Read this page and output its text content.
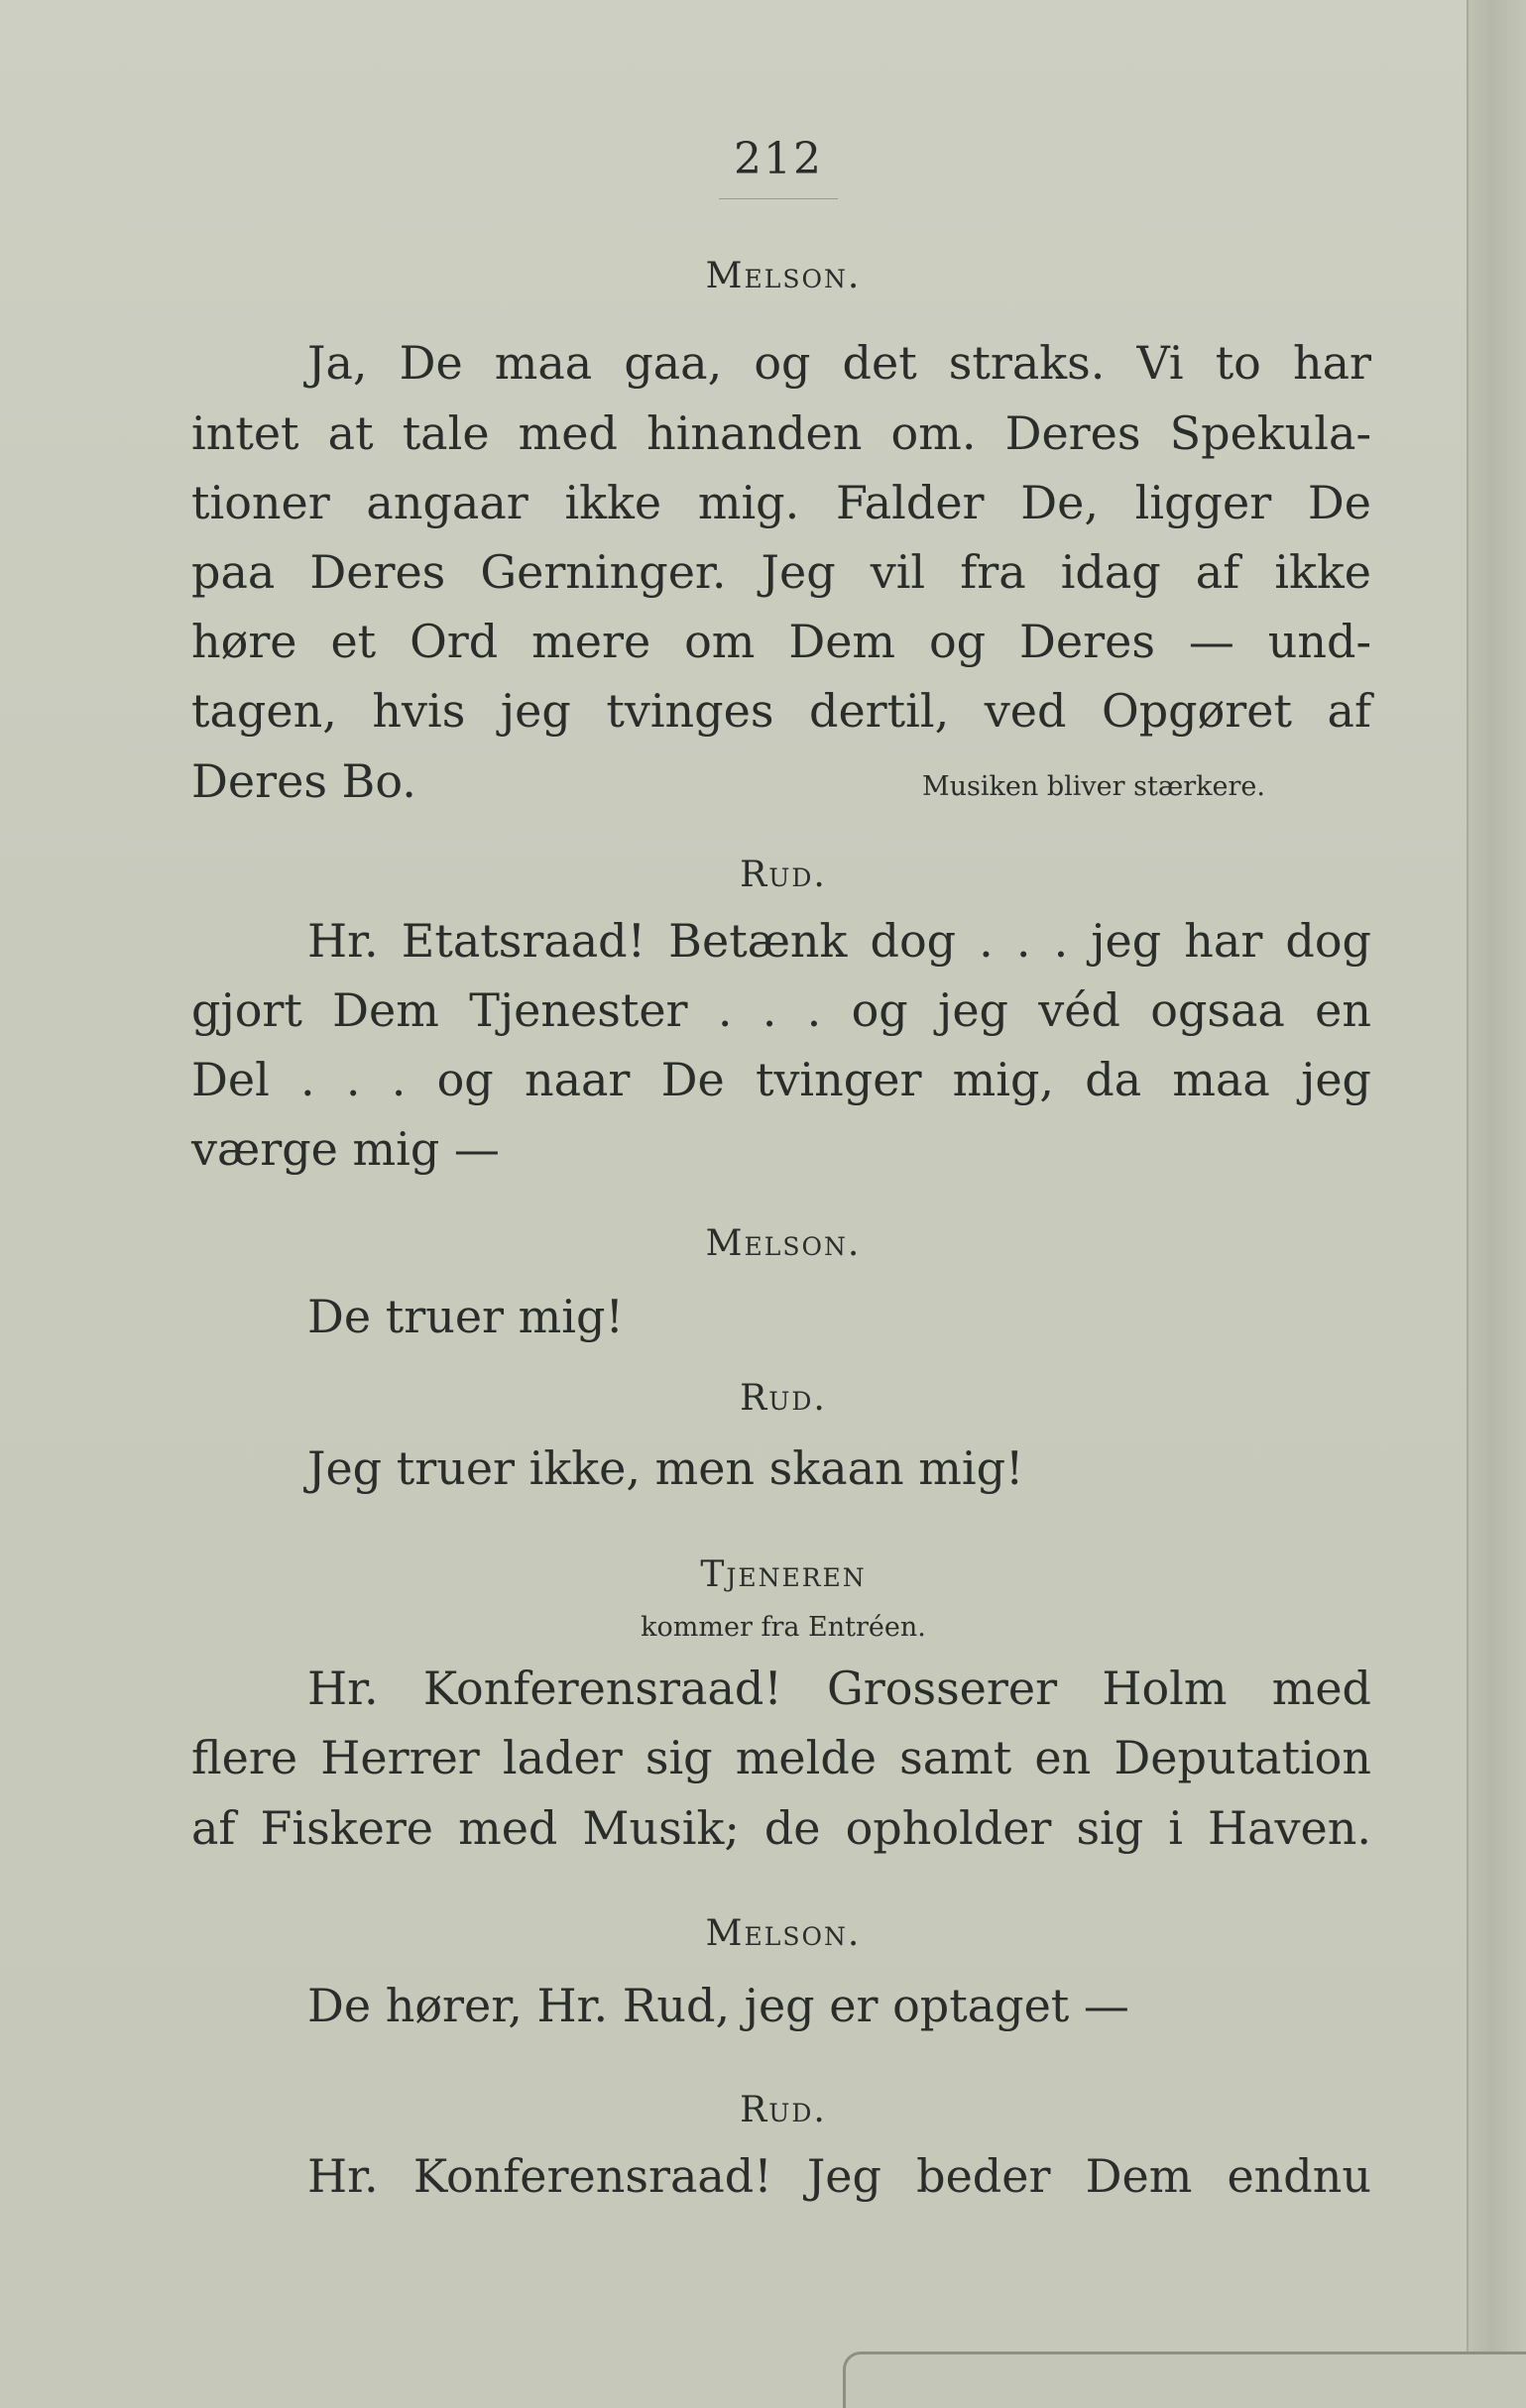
212
Melson.
Ja, De maa gaa, og det straks. Vi to har
intet at tale med hinanden om. Deres Spekula-
tioner angaar ikke mig. Falder De, ligger De
paa Deres Gerninger. Jeg vil fra idag af ikke
høre et Ord mere om Dem og Deres — und-
tagen, hvis jeg tvinges dertil, ved Opgøret af
Deres Bo.	Musiken bliver stærkere.
Rud.
Hr. Etatsraad! Betænk dog . . . jeg har dog
gjort Dem Tjenester . . . og jeg véd ogsaa en
Del . . . og naar De tvinger mig, da maa jeg
værge mig —
Melson.
De truer mig!
Rud.
Jeg truer ikke, men skaan mig!
Tjeneren
kommer fra Entréen.
Hr. Konferensraad! Grosserer Holm med
flere Herrer lader sig melde samt en Deputation
af Fiskere med Musik; de opholder sig i Haven.
Melson.
De hører, Hr. Rud, jeg er optaget —
Rud.
Hr. Konferensraad! Jeg beder Dem endnu
